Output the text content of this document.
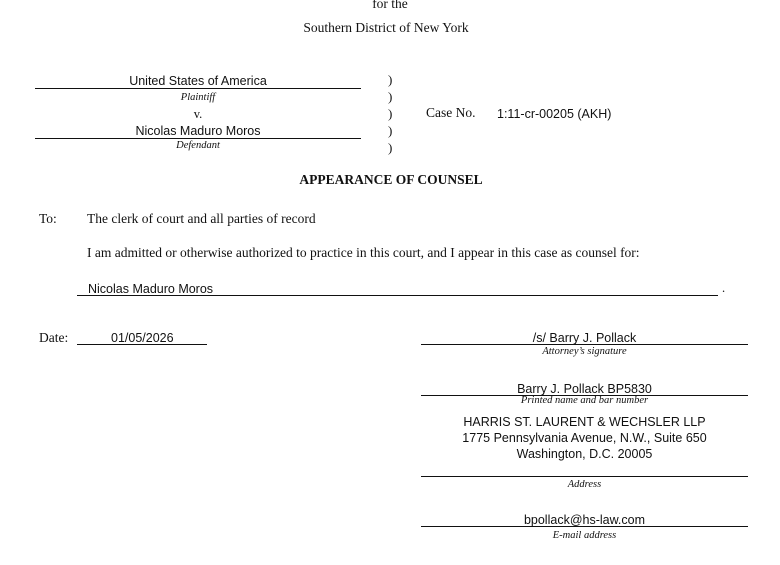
for the
Southern District of New York
United States of America
Plaintiff
v.
Nicolas Maduro Moros
Defendant
)
)
)
)
)
Case No. 1:11-cr-00205 (AKH)
APPEARANCE OF COUNSEL
To: The clerk of court and all parties of record
I am admitted or otherwise authorized to practice in this court, and I appear in this case as counsel for:
Nicolas Maduro Moros	.
Date:	01/05/2026	/s/ Barry J. Pollack
Attorney’s signature
Barry J. Pollack BP5830
Printed name and bar number
HARRIS ST. LAURENT & WECHSLER LLP
1775 Pennsylvania Avenue, N.W., Suite 650
Washington, D.C. 20005
Address
bpollack@hs-law.com
E-mail address
